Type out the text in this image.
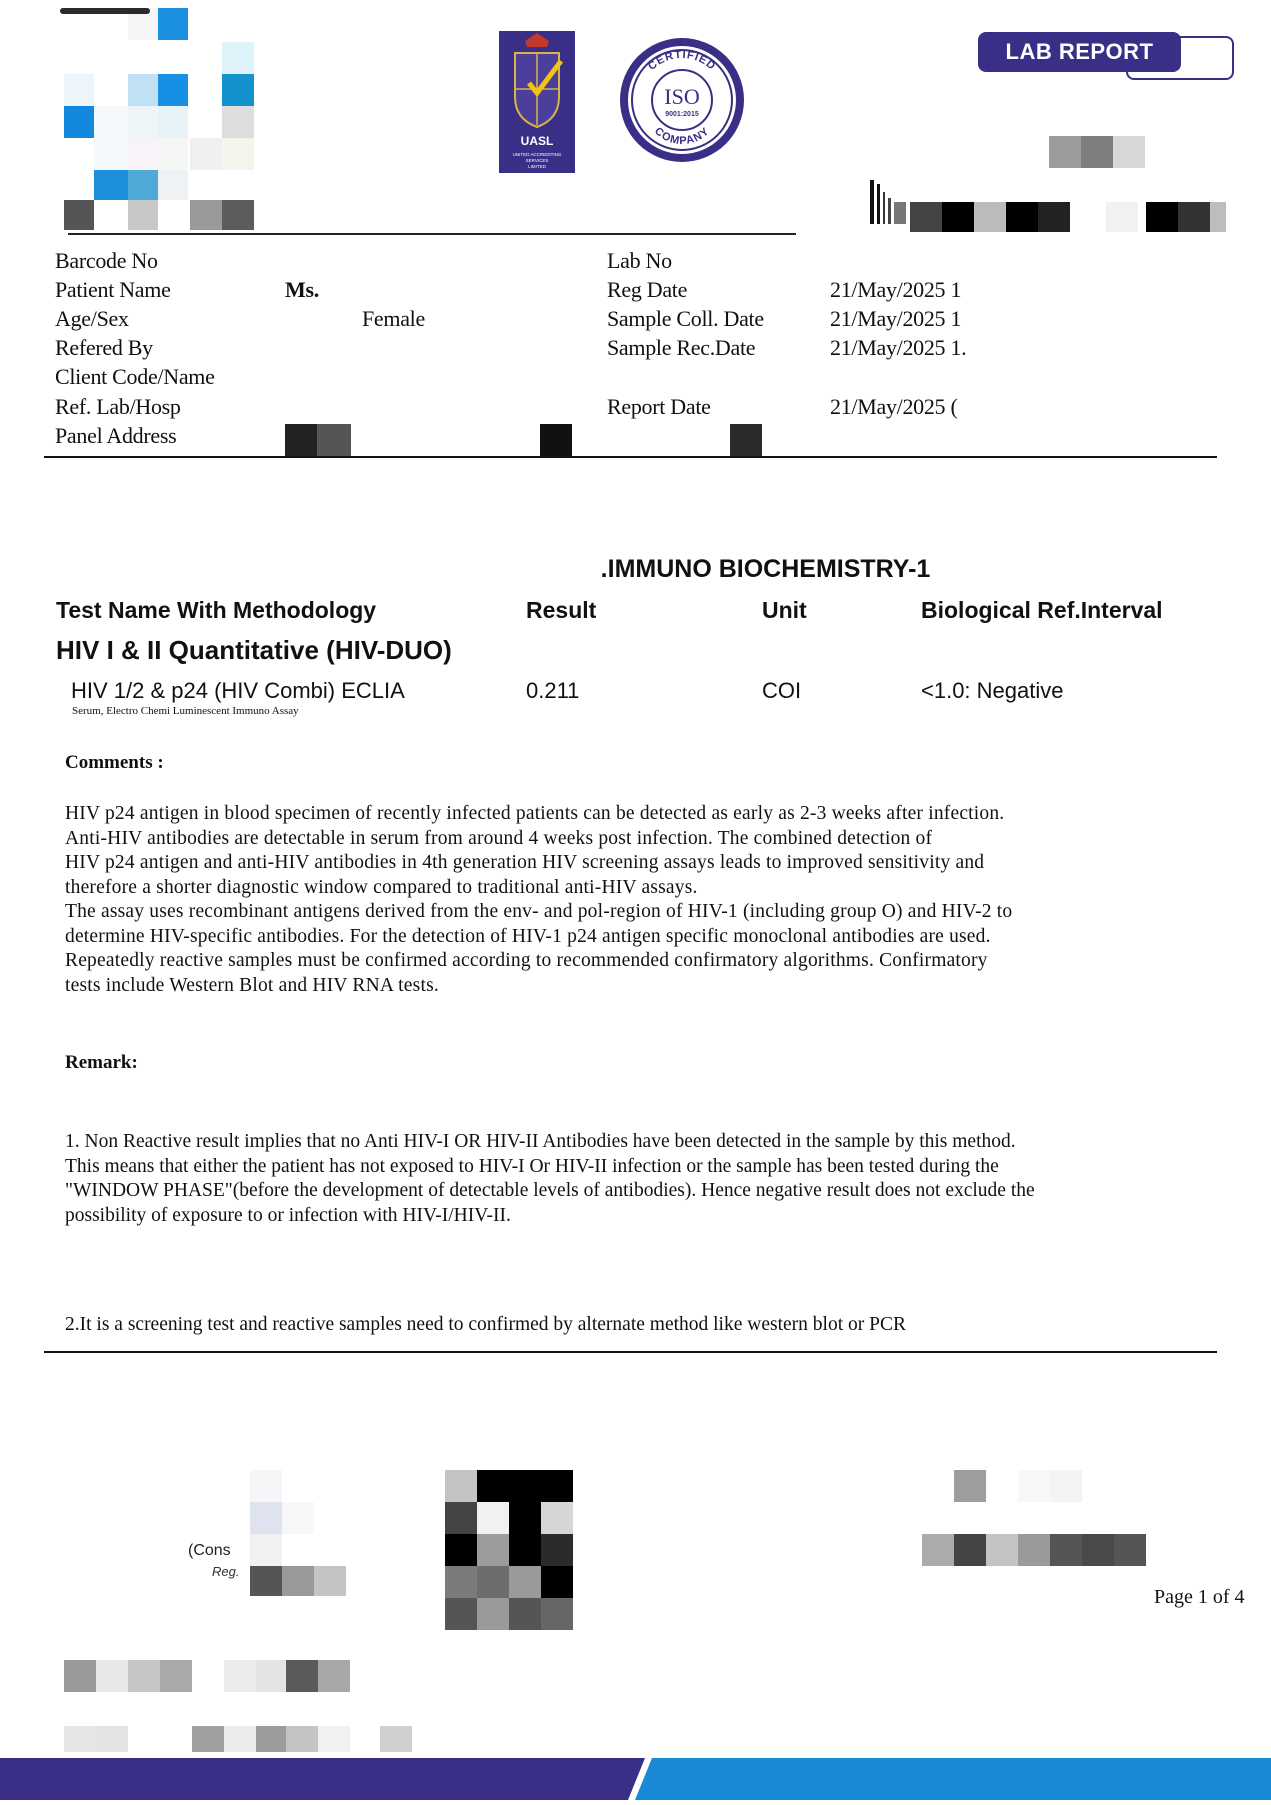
UASL
UNITED ACCREDITING
SERVICES
LIMITED
CERTIFIED
COMPANY
ISO
9001:2015
LAB REPORT
Barcode No
Patient Name	Ms.
Age/Sex	Female
Refered By
Client Code/Name
Ref. Lab/Hosp
Panel Address
Lab No
Reg Date	21/May/2025 1
Sample Coll. Date	21/May/2025 1
Sample Rec.Date	21/May/2025 1.
Report Date	21/May/2025 (
.IMMUNO BIOCHEMISTRY-1
Test Name With Methodology	Result	Unit	Biological Ref.Interval
HIV I & II Quantitative (HIV-DUO)
HIV 1/2 & p24 (HIV Combi) ECLIA	0.211	COI	<1.0: Negative
Serum, Electro Chemi Luminescent Immuno Assay
Comments :
HIV p24 antigen in blood specimen of recently infected patients can be detected as early as 2-3 weeks after infection.
Anti-HIV antibodies are detectable in serum from around 4 weeks post infection. The combined detection of
HIV p24 antigen and anti-HIV antibodies in 4th generation HIV screening assays leads to improved sensitivity and
therefore a shorter diagnostic window compared to traditional anti-HIV assays.
The assay uses recombinant antigens derived from the env- and pol-region of HIV-1 (including group O) and HIV-2 to
determine HIV-specific antibodies. For the detection of HIV-1 p24 antigen specific monoclonal antibodies are used.
Repeatedly reactive samples must be confirmed according to recommended confirmatory algorithms. Confirmatory
tests include Western Blot and HIV RNA tests.
Remark:
1. Non Reactive result implies that no Anti HIV-I OR HIV-II Antibodies have been detected in the sample by this method.
This means that either the patient has not exposed to HIV-I Or HIV-II infection or the sample has been tested during the
"WINDOW PHASE"(before the development of detectable levels of antibodies). Hence negative result does not exclude the
possibility of exposure to or infection with HIV-I/HIV-II.
2.It is a screening test and reactive samples need to confirmed by alternate method like western blot or PCR
(Cons
Reg.
Page 1 of 4
